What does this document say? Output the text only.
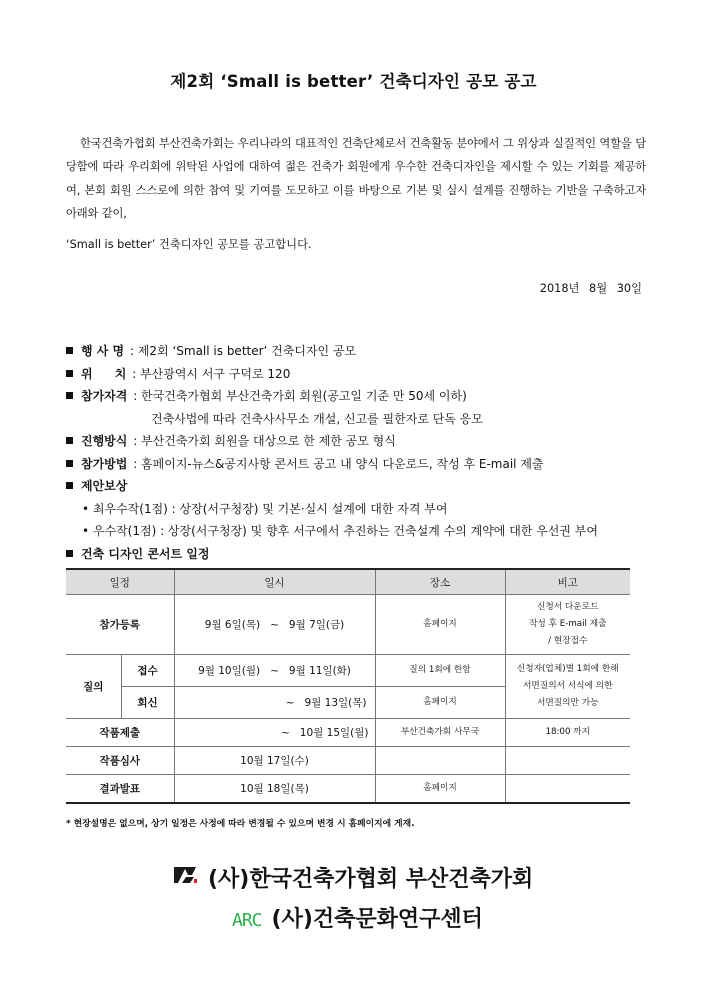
제2회 ‘Small is better’ 건축디자인 공모 공고

한국건축가협회 부산건축가회는 우리나라의 대표적인 건축단체로서 건축활동 분야에서 그 위상과 실질적인 역할을 담당함에 따라 우리회에 위탁된 사업에 대하여 젊은 건축가 회원에게 우수한 건축디자인을 제시할 수 있는 기회를 제공하여, 본회 회원 스스로에 의한 참여 및 기여를 도모하고 이를 바탕으로 기본 및 실시 설계를 진행하는 기반을 구축하고자 아래와 같이,

‘Small is better’ 건축디자인 공모를 공고합니다.
2018년 8월 30일
행 사 명 : 제2회 ‘Small is better’ 건축디자인 공모
위 치 : 부산광역시 서구 구덕로 120
참가자격 : 한국건축가협회 부산건축가회 회원(공고일 기준 만 50세 이하)
건축사법에 따라 건축사사무소 개설, 신고를 필한자로 단독 응모
진행방식 : 부산건축가회 회원을 대상으로 한 제한 공모 형식
참가방법 : 홈페이지-뉴스&공지사항 콘서트 공고 내 양식 다운로드, 작성 후 E-mail 제출
제안보상
• 최우수작(1점) : 상장(서구청장) 및 기본·실시 설계에 대한 자격 부여
• 우수작(1점) : 상장(서구청장) 및 향후 서구에서 추진하는 건축설계 수의 계약에 대한 우선권 부여
건축 디자인 콘서트 일정
일정		일시	장소	비고
참가등록		9월 6일(목)   ~   9월 7일(금)	홈페이지	신청서 다운로드
작성 후 E-mail 제출
/ 현장접수

질의	접수	9월 10일(월)   ~   9월 11일(화)	질의 1회에 한함	신청자(업체)별 1회에 한해
서면질의서 서식에 의한
서면질의만 가능

	회신	~   9월 13일(목)	홈페이지	
작품제출		~   10월 15일(월)	부산건축가회 사무국	18:00 까지
작품심사		10월 17일(수)		
결과발표		10월 18일(목)	홈페이지	
* 현장설명은 없으며, 상기 일정은 사정에 따라 변경될 수 있으며 변경 시 홈페이지에 게재.
(사)한국건축가협회 부산건축가회
ARC (사)건축문화연구센터
